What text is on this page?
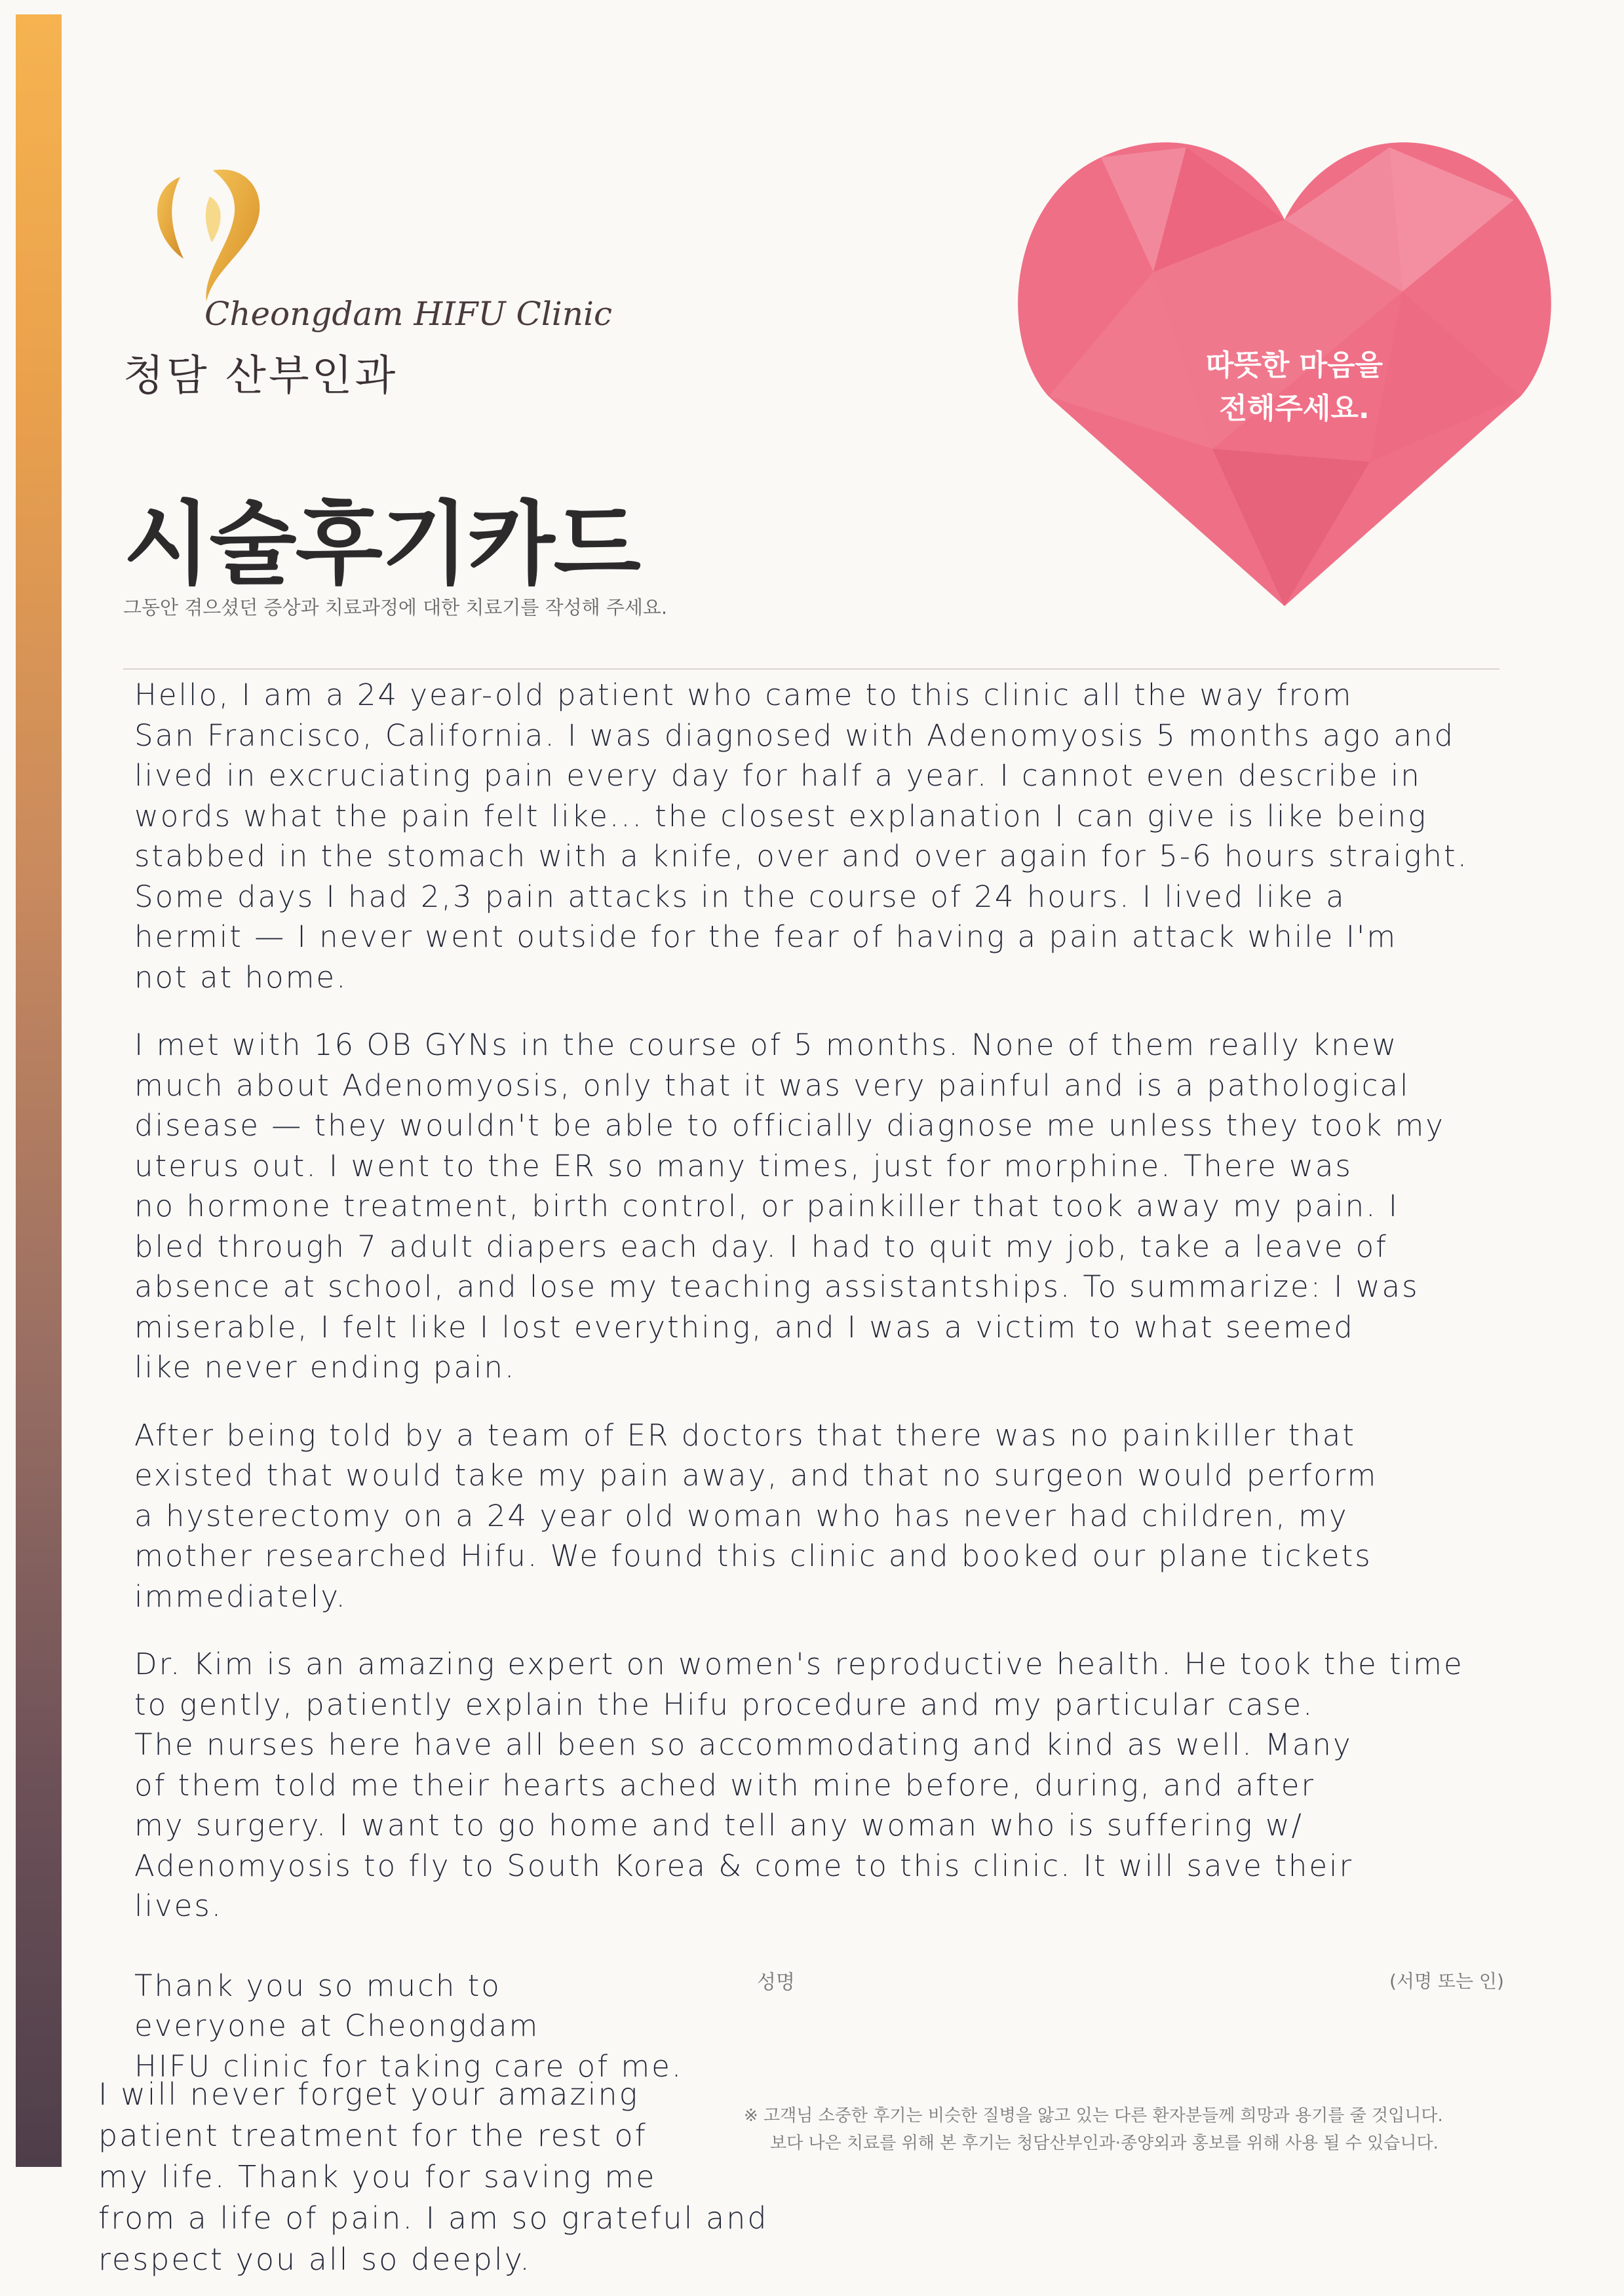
Cheongdam HIFU Clinic
청담 산부인과
시술후기카드
그동안 겪으셨던 증상과 치료과정에 대한 치료기를 작성해 주세요.
따뜻한 마음을
전해주세요.

Hello, I am a 24 year-old patient who came to this clinic all the way from
San Francisco, California. I was diagnosed with Adenomyosis 5 months ago and
lived in excruciating pain every day for half a year. I cannot even describe in
words what the pain felt like... the closest explanation I can give is like being
stabbed in the stomach with a knife, over and over again for 5-6 hours straight.
Some days I had 2,3 pain attacks in the course of 24 hours. I lived like a
hermit — I never went outside for the fear of having a pain attack while I'm
not at home.

I met with 16 OB GYNs in the course of 5 months. None of them really knew
much about Adenomyosis, only that it was very painful and is a pathological
disease — they wouldn't be able to officially diagnose me unless they took my
uterus out. I went to the ER so many times, just for morphine. There was
no hormone treatment, birth control, or painkiller that took away my pain. I
bled through 7 adult diapers each day. I had to quit my job, take a leave of
absence at school, and lose my teaching assistantships. To summarize: I was
miserable, I felt like I lost everything, and I was a victim to what seemed
like never ending pain.

After being told by a team of ER doctors that there was no painkiller that
existed that would take my pain away, and that no surgeon would perform
a hysterectomy on a 24 year old woman who has never had children, my
mother researched Hifu. We found this clinic and booked our plane tickets
immediately.

Dr. Kim is an amazing expert on women's reproductive health. He took the time
to gently, patiently explain the Hifu procedure and my particular case.
The nurses here have all been so accommodating and kind as well. Many
of them told me their hearts ached with mine before, during, and after
my surgery. I want to go home and tell any woman who is suffering w/
Adenomyosis to fly to South Korea & come to this clinic. It will save their
lives.

Thank you so much to
everyone at Cheongdam
HIFU clinic for taking care of me.

성명	(서명 또는 인)
※ 고객님 소중한 후기는 비슷한 질병을 앓고 있는 다른 환자분들께 희망과 용기를 줄 것입니다.
보다 나은 치료를 위해 본 후기는 청담산부인과·종양외과 홍보를 위해 사용 될 수 있습니다.
I will never forget your amazing
patient treatment for the rest of
my life. Thank you for saving me
from a life of pain. I am so grateful and
respect you all so deeply.
